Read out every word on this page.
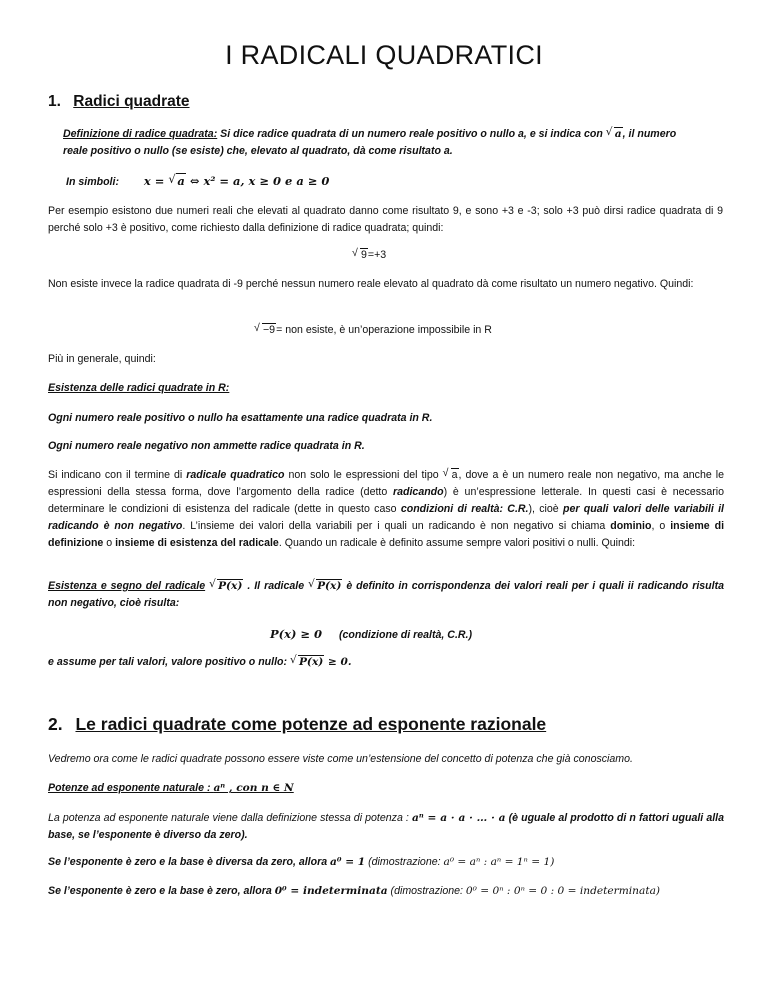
I RADICALI QUADRATICI
1. Radici quadrate
Definizione di radice quadrata: Si dice radice quadrata di un numero reale positivo o nullo a, e si indica con √ a, il numero
reale positivo o nullo (se esiste) che, elevato al quadrato, dà come risultato a.
In simboli: x = √ a ⇔ x² = a, x ≥ 0 e a ≥ 0
Per esempio esistono due numeri reali che elevati al quadrato danno come risultato 9, e sono +3 e -3; solo +3 può dirsi radice quadrata di 9 perché solo +3 è positivo, come richiesto dalla definizione di radice quadrata; quindi:
√ 9=+3
Non esiste invece la radice quadrata di -9 perché nessun numero reale elevato al quadrato dà come risultato un numero negativo. Quindi:
√ −9= non esiste, è un’operazione impossibile in R
Più in generale, quindi:
Esistenza delle radici quadrate in R:
Ogni numero reale positivo o nullo ha esattamente una radice quadrata in R.
Ogni numero reale negativo non ammette radice quadrata in R.
Si indicano con il termine di radicale quadratico non solo le espressioni del tipo √ a, dove a è un numero reale non negativo, ma anche le espressioni della stessa forma, dove l’argomento della radice (detto radicando) è un’espressione letterale. In questi casi è necessario determinare le condizioni di esistenza del radicale (dette in questo caso condizioni di realtà: C.R.), cioè per quali valori delle variabili il radicando è non negativo. L’insieme dei valori della variabili per i quali un radicando è non negativo si chiama dominio, o insieme di definizione o insieme di esistenza del radicale. Quando un radicale è definito assume sempre valori positivi o nulli. Quindi:
Esistenza e segno del radicale √ P(x) . Il radicale √ P(x) è definito in corrispondenza dei valori reali per i quali ii radicando risulta non negativo, cioè risulta:
P(x) ≥ 0 (condizione di realtà, C.R.)
e assume per tali valori, valore positivo o nullo: √ P(x) ≥ 0.
2. Le radici quadrate come potenze ad esponente razionale
Vedremo ora come le radici quadrate possono essere viste come un’estensione del concetto di potenza che già conosciamo.
Potenze ad esponente naturale : aⁿ , con n ∈ N
La potenza ad esponente naturale viene dalla definizione stessa di potenza : aⁿ = a · a · … · a (è uguale al prodotto di n fattori uguali alla base, se l’esponente è diverso da zero).
Se l’esponente è zero e la base è diversa da zero, allora a⁰ = 1 (dimostrazione: a⁰ = aⁿ : aⁿ = 1ⁿ = 1)
Se l’esponente è zero e la base è zero, allora 0⁰ = indeterminata (dimostrazione: 0⁰ = 0ⁿ : 0ⁿ = 0 : 0 = indeterminata)
